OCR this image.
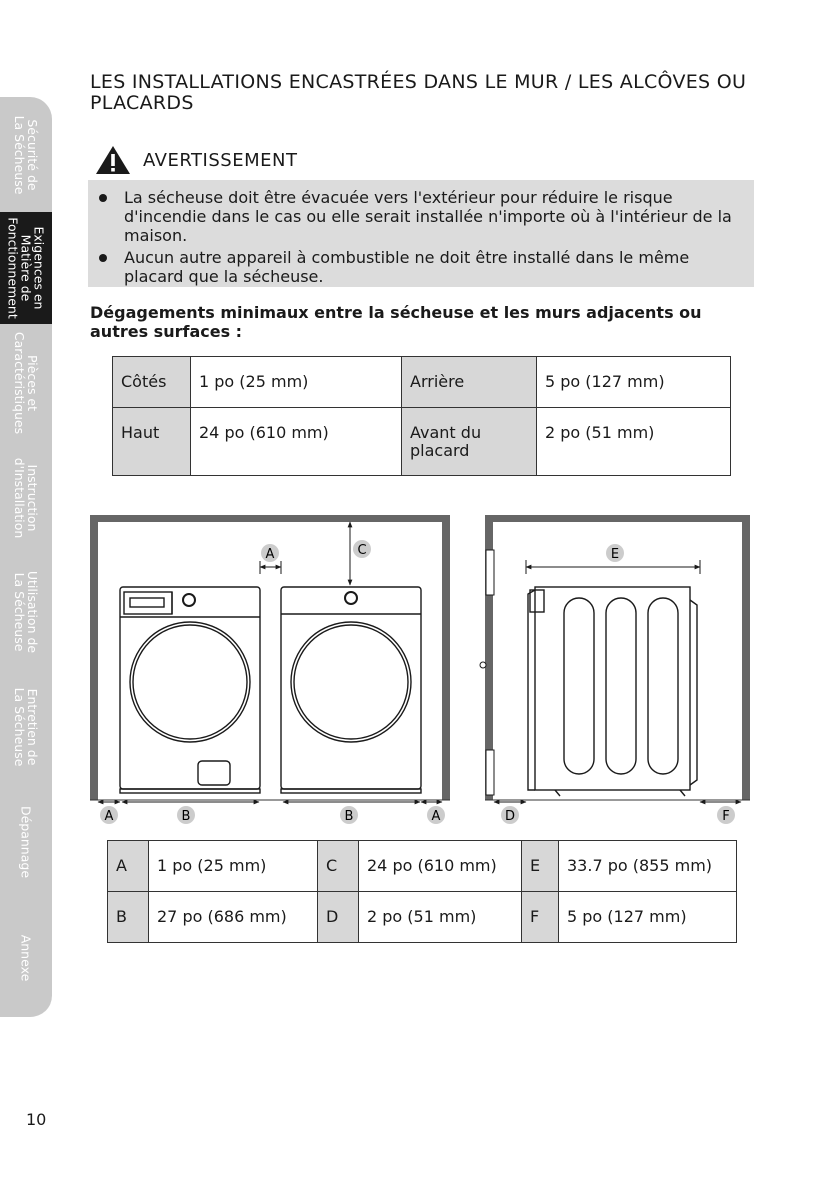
Sécurité de
La Sécheuse
Exigences en
Matière de
Fonctionnement
Pièces et
Caractéristiques
Instruction
d'Installation
Utilisation de
La Sécheuse
Entretien de
La Sécheuse
Dépannage
Annexe
LES INSTALLATIONS ENCASTRÉES DANS LE MUR / LES ALCÔVES OU PLACARDS
AVERTISSEMENT
La sécheuse doit être évacuée vers l'extérieur pour réduire le risque d'incendie dans le cas ou elle serait installée n'importe où à l'intérieur de la maison.
Aucun autre appareil à combustible ne doit être installé dans le même placard que la sécheuse.

Dégagements minimaux entre la sécheuse et les murs adjacents ou autres surfaces :

Côtés	1 po (25 mm)	Arrière	5 po (127 mm)
Haut	24 po (610 mm)	Avant du placard	2 po (51 mm)
A	C	E
A	B	B	A	D	F
A	1 po (25 mm)	C	24 po (610 mm)	E	33.7 po (855 mm)
B	27 po (686 mm)	D	2 po (51 mm)	F	5 po (127 mm)
10
